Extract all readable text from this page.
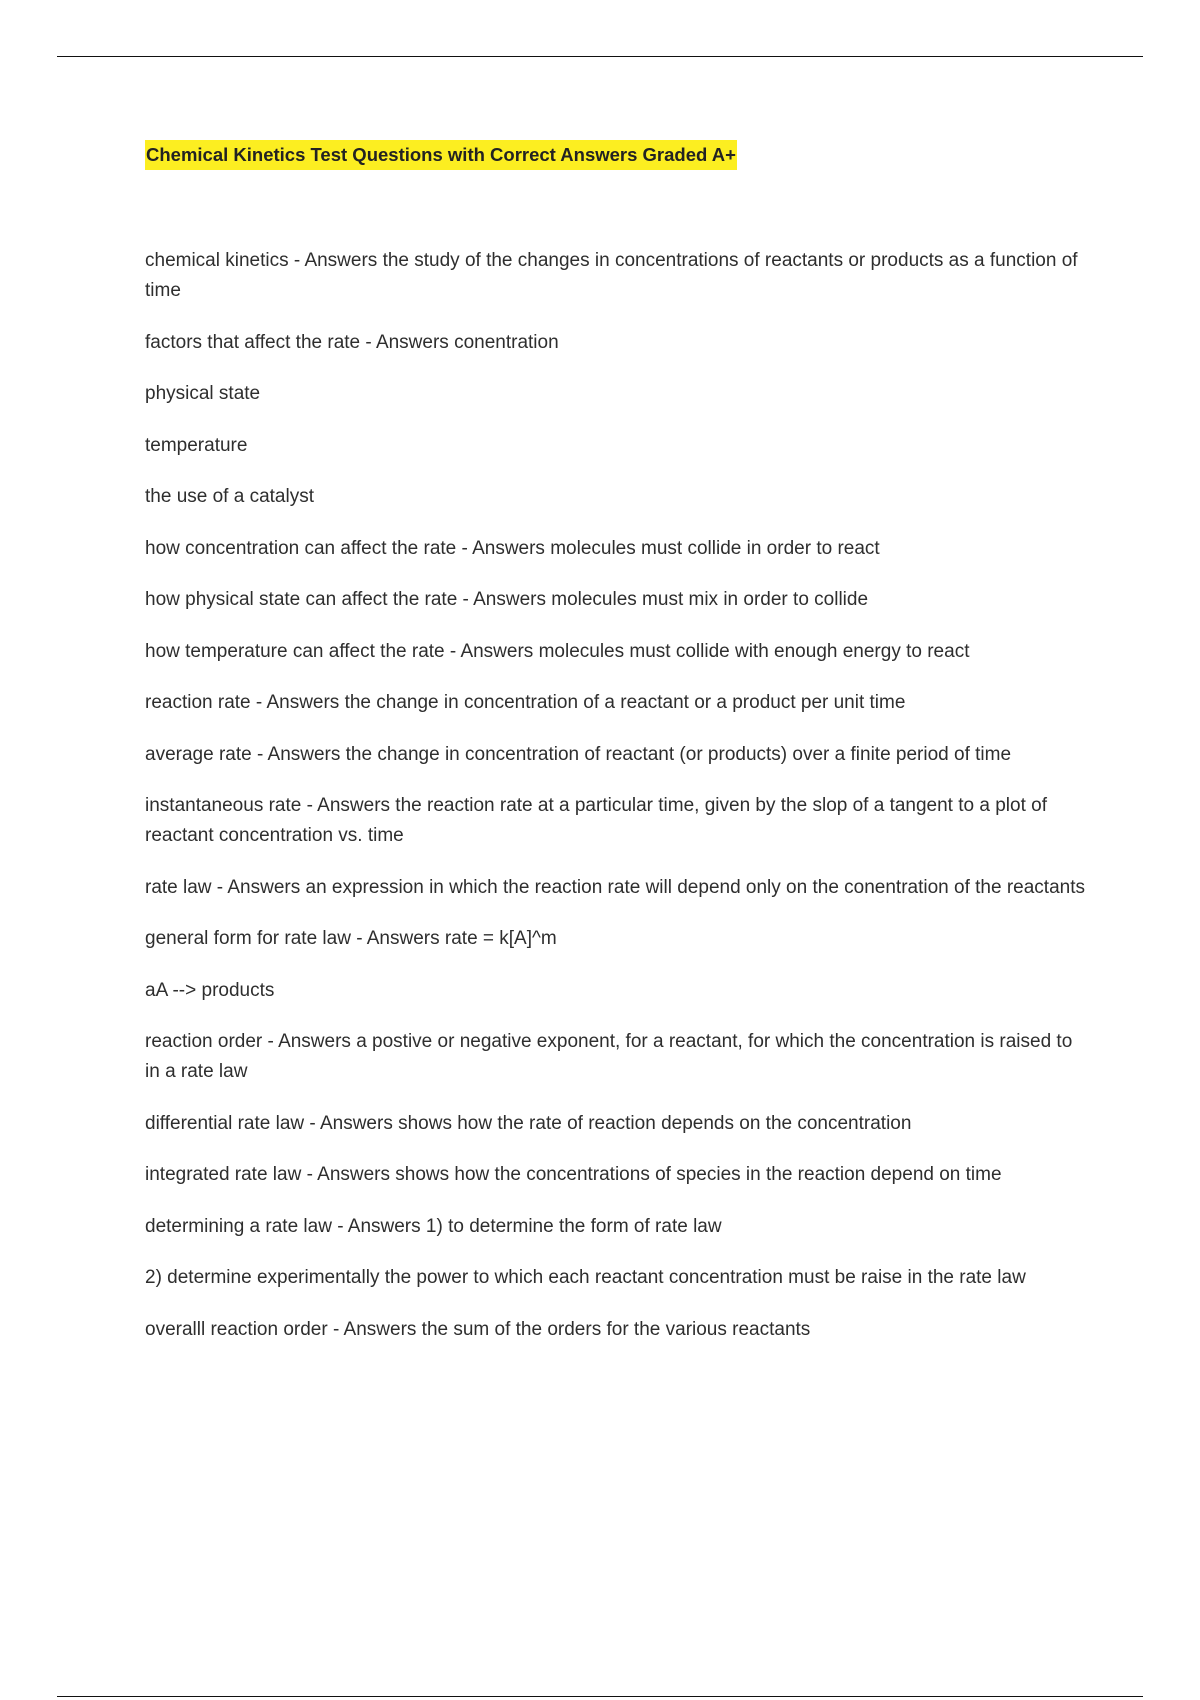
Chemical Kinetics Test Questions with Correct Answers Graded A+

chemical kinetics - Answers the study of the changes in concentrations of reactants or products as a function of time

factors that affect the rate - Answers conentration

physical state

temperature

the use of a catalyst

how concentration can affect the rate - Answers molecules must collide in order to react

how physical state can affect the rate - Answers molecules must mix in order to collide

how temperature can affect the rate - Answers molecules must collide with enough energy to react

reaction rate - Answers the change in concentration of a reactant or a product per unit time

average rate - Answers the change in concentration of reactant (or products) over a finite period of time

instantaneous rate - Answers the reaction rate at a particular time, given by the slop of a tangent to a plot of reactant concentration vs. time

rate law - Answers an expression in which the reaction rate will depend only on the conentration of the reactants

general form for rate law - Answers rate = k[A]^m

aA --> products

reaction order - Answers a postive or negative exponent, for a reactant, for which the concentration is raised to in a rate law

differential rate law - Answers shows how the rate of reaction depends on the concentration

integrated rate law - Answers shows how the concentrations of species in the reaction depend on time

determining a rate law - Answers 1) to determine the form of rate law

2) determine experimentally the power to which each reactant concentration must be raise in the rate law

overalll reaction order - Answers the sum of the orders for the various reactants
